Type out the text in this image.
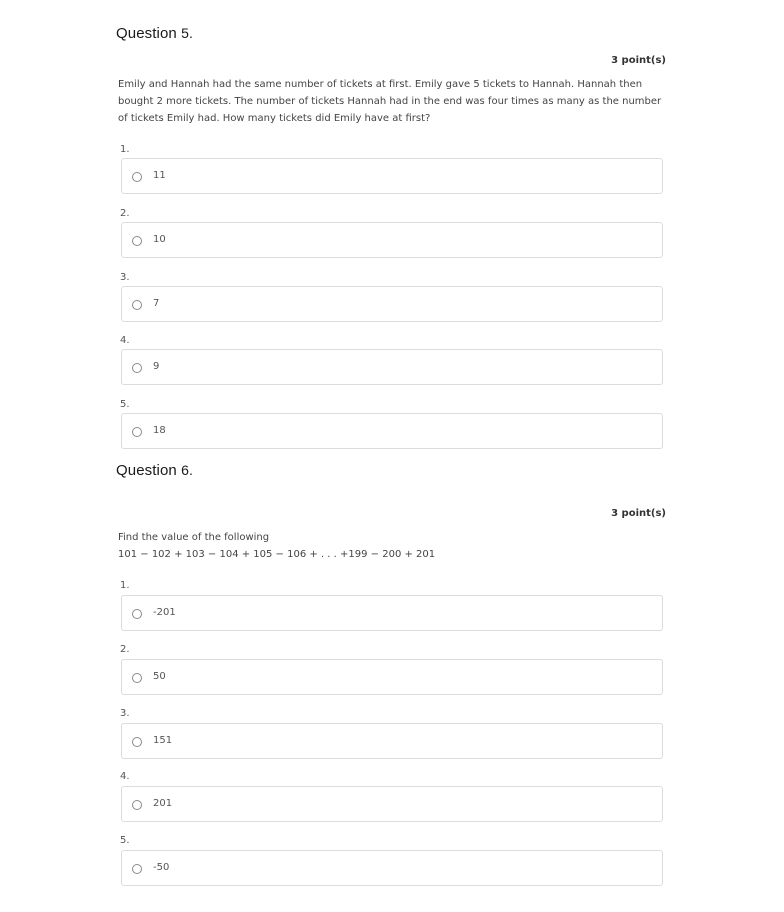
Question 5.
3 point(s)

Emily and Hannah had the same number of tickets at first. Emily gave 5 tickets to Hannah. Hannah then bought 2 more tickets. The number of tickets Hannah had in the end was four times as many as the number of tickets Emily had. How many tickets did Emily have at first?

1.
11
2.
10
3.
7
4.
9
5.
18
Question 6.
3 point(s)

Find the value of the following

101 − 102 + 103 − 104 + 105 − 106 + . . . +199 − 200 + 201

1.
-201
2.
50
3.
151
4.
201
5.
-50
